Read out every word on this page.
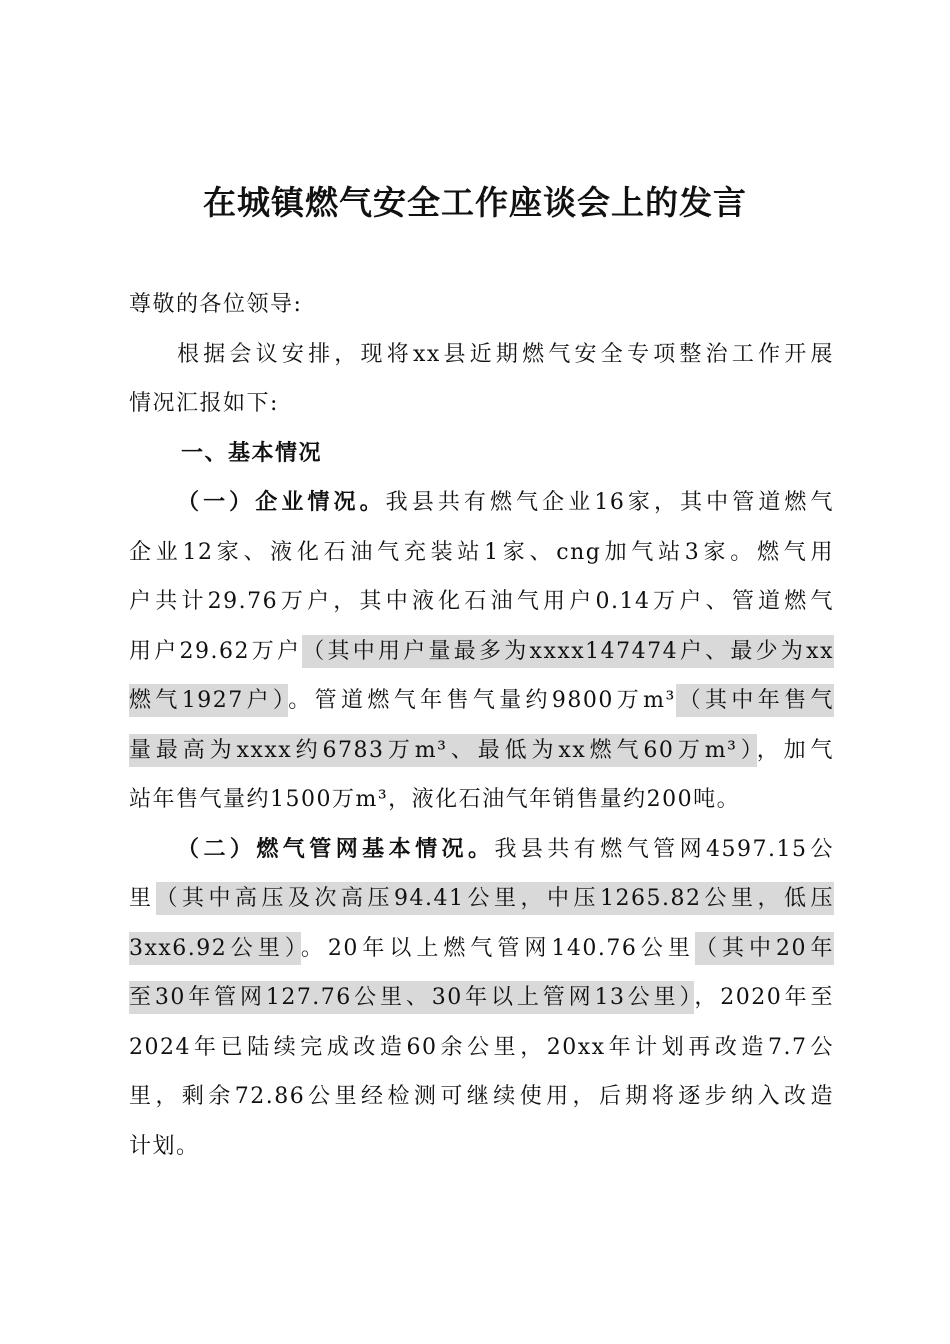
在城镇燃气安全工作座谈会上的发言
尊敬的各位领导:
根据会议安排，现将xx县近期燃气安全专项整治工作开展
情况汇报如下:
一、基本情况
（一）企业情况。我县共有燃气企业16家，其中管道燃气
企业12家、液化石油气充装站1家、cng加气站3家。燃气用
户共计29.76万户，其中液化石油气用户0.14万户、管道燃气
用户29.62万户（其中用户量最多为xxxx147474户、最少为xx
燃气1927户）。管道燃气年售气量约9800万m³（其中年售气
量最高为xxxx约6783万m³、最低为xx燃气60万m³），加气
站年售气量约1500万m³，液化石油气年销售量约200吨。
（二）燃气管网基本情况。我县共有燃气管网4597.15公
里（其中高压及次高压94.41公里，中压1265.82公里，低压
3xx6.92公里）。20年以上燃气管网140.76公里（其中20年
至30年管网127.76公里、30年以上管网13公里），2020年至
2024年已陆续完成改造60余公里，20xx年计划再改造7.7公
里，剩余72.86公里经检测可继续使用，后期将逐步纳入改造
计划。
